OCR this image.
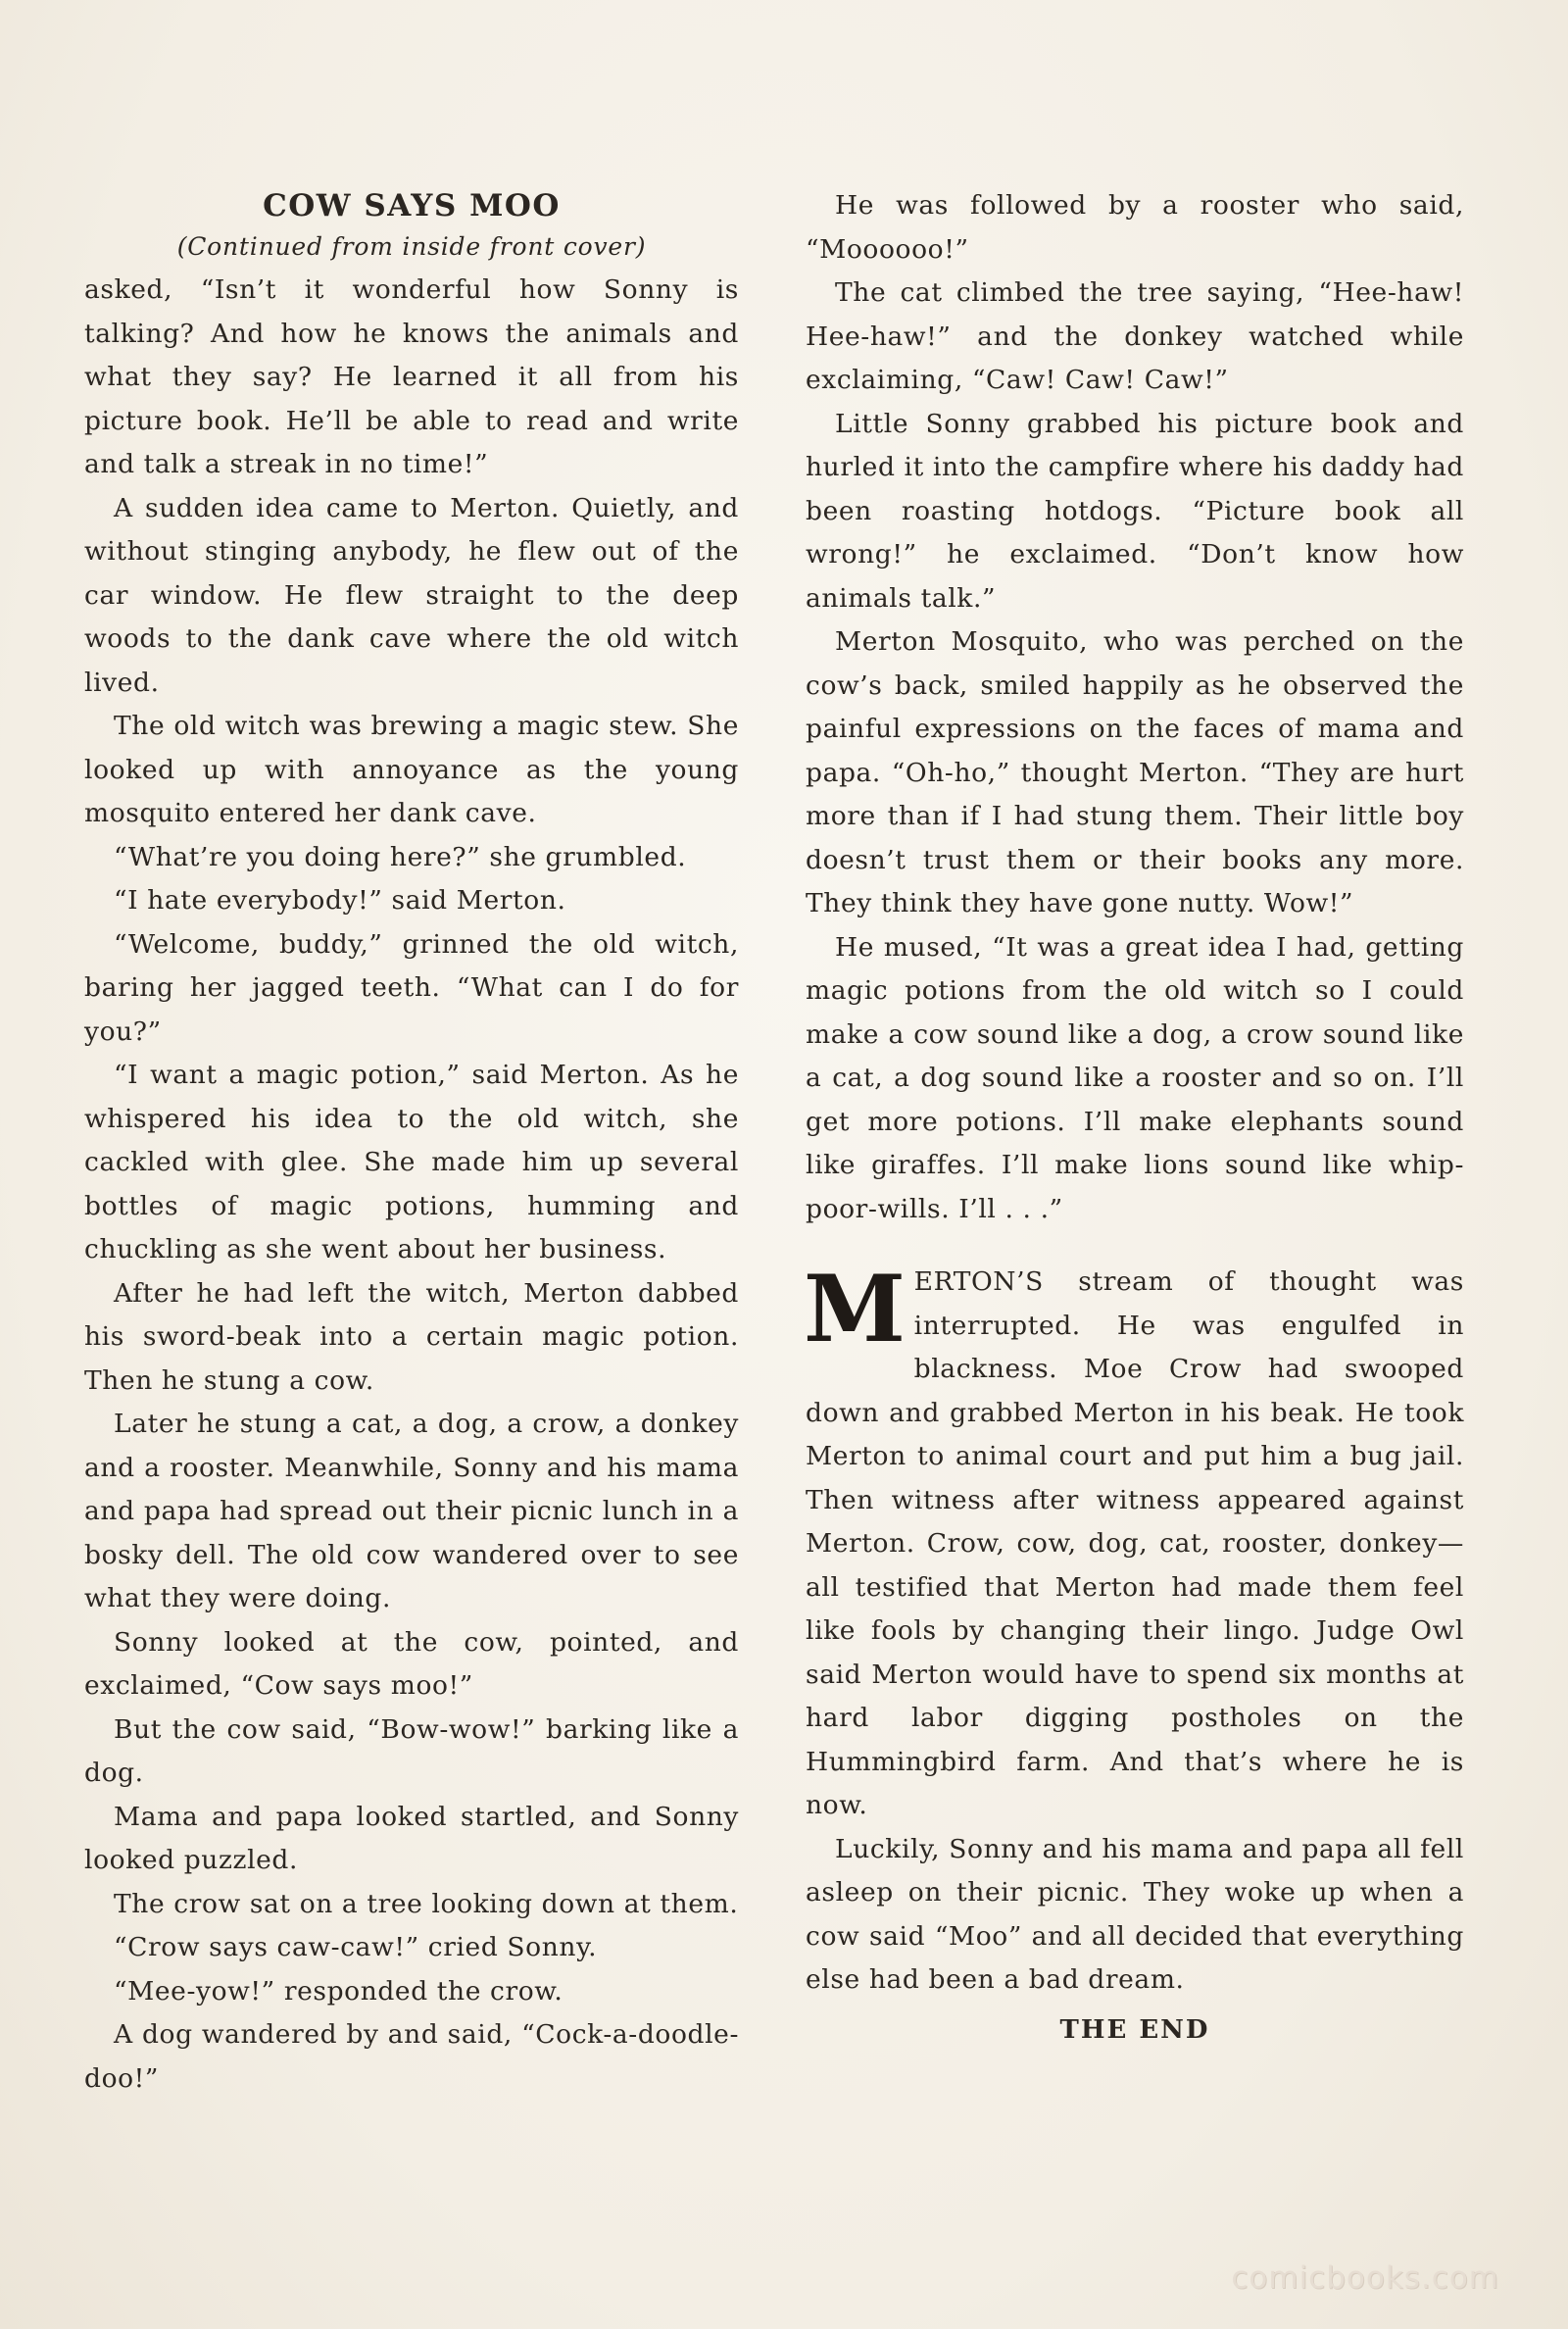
COW SAYS MOO
(Continued from inside front cover)

asked, “Isn’t it wonderful how Sonny is talking? And how he knows the animals and what they say? He learned it all from his picture book. He’ll be able to read and write and talk a streak in no time!”

A sudden idea came to Merton. Quietly, and without stinging anybody, he flew out of the car window. He flew straight to the deep woods to the dank cave where the old witch lived.

The old witch was brewing a magic stew. She looked up with annoyance as the young mosquito entered her dank cave.

“What’re you doing here?” she grumbled.

“I hate everybody!” said Merton.

“Welcome, buddy,” grinned the old witch, baring her jagged teeth. “What can I do for you?”

“I want a magic potion,” said Merton. As he whispered his idea to the old witch, she cackled with glee. She made him up several bottles of magic potions, humming and chuckling as she went about her business.

After he had left the witch, Merton dabbed his sword-beak into a certain magic potion. Then he stung a cow.

Later he stung a cat, a dog, a crow, a donkey and a rooster. Meanwhile, Sonny and his mama and papa had spread out their picnic lunch in a bosky dell. The old cow wandered over to see what they were doing.

Sonny looked at the cow, pointed, and exclaimed, “Cow says moo!”

But the cow said, “Bow-wow!” barking like a dog.

Mama and papa looked startled, and Sonny looked puzzled.

The crow sat on a tree looking down at them.

“Crow says caw-caw!” cried Sonny.

“Mee-yow!” responded the crow.

A dog wandered by and said, “Cock-a-doodle-doo!”

He was followed by a rooster who said, “Moooooo!”

The cat climbed the tree saying, “Hee-haw! Hee-haw!” and the donkey watched while exclaiming, “Caw! Caw! Caw!”

Little Sonny grabbed his picture book and hurled it into the campfire where his daddy had been roasting hotdogs. “Picture book all wrong!” he exclaimed. “Don’t know how animals talk.”

Merton Mosquito, who was perched on the cow’s back, smiled happily as he observed the painful expressions on the faces of mama and papa. “Oh-ho,” thought Merton. “They are hurt more than if I had stung them. Their little boy doesn’t trust them or their books any more. They think they have gone nutty. Wow!”

He mused, “It was a great idea I had, getting magic potions from the old witch so I could make a cow sound like a dog, a crow sound like a cat, a dog sound like a rooster and so on. I’ll get more potions. I’ll make elephants sound like giraffes. I’ll make lions sound like whip-poor-wills. I’ll . . .”

M ERTON’S stream of thought was interrupted. He was engulfed in blackness. Moe Crow had swooped down and grabbed Merton in his beak. He took Merton to animal court and put him a bug jail. Then witness after witness appeared against Merton. Crow, cow, dog, cat, rooster, donkey—all testified that Merton had made them feel like fools by changing their lingo. Judge Owl said Merton would have to spend six months at hard labor digging postholes on the Hummingbird farm. And that’s where he is now.

Luckily, Sonny and his mama and papa all fell asleep on their picnic. They woke up when a cow said “Moo” and all decided that everything else had been a bad dream.

THE END
comicbooks.com
